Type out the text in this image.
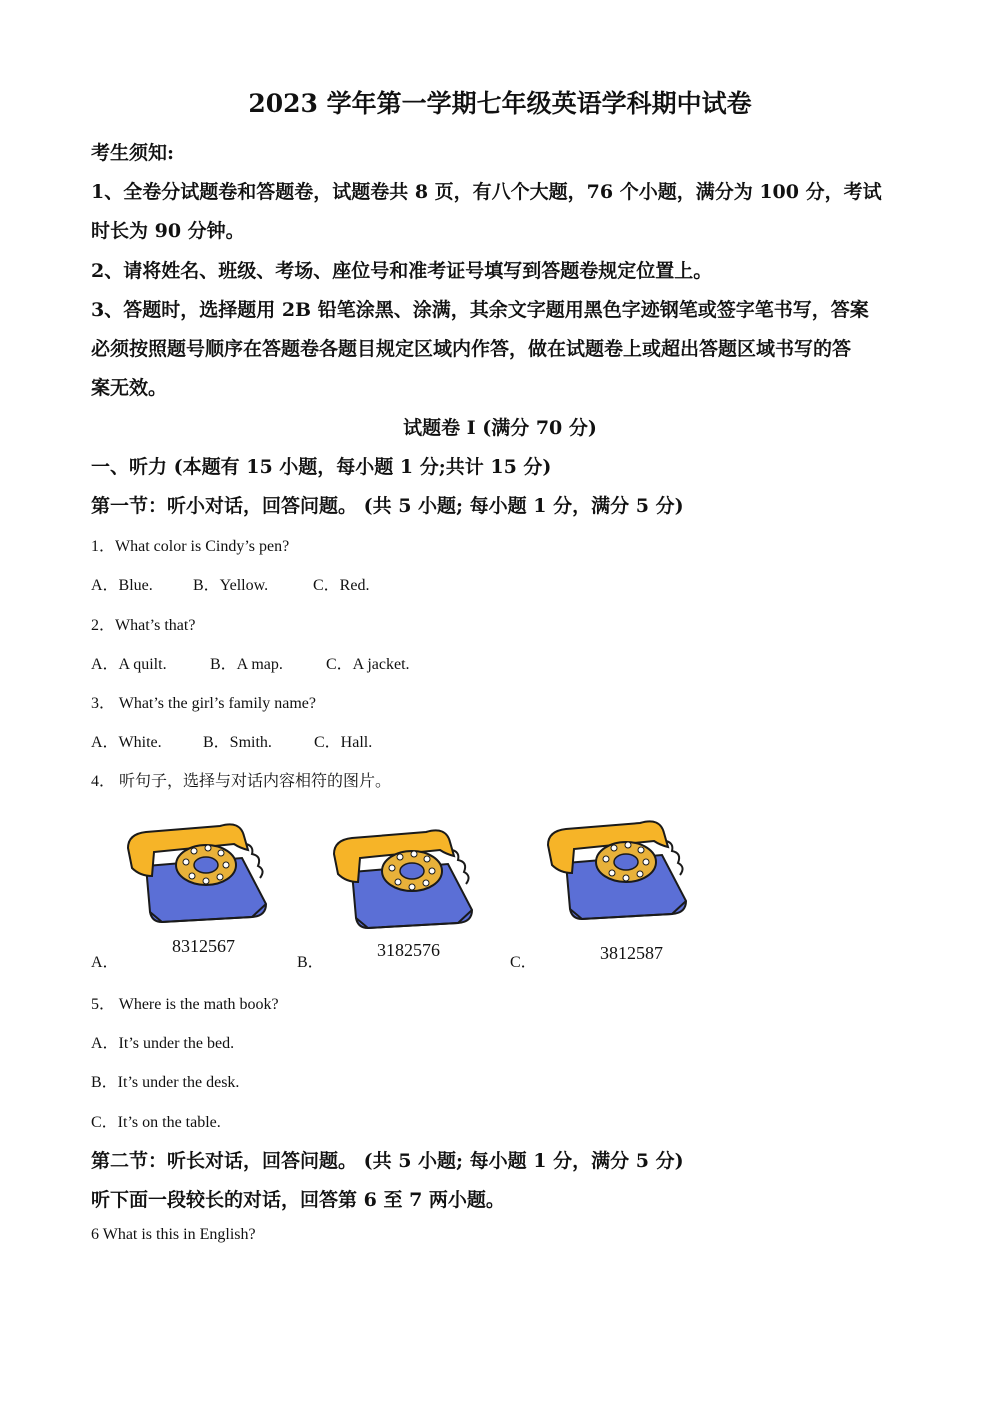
2023 学年第一学期七年级英语学科期中试卷
考生须知:
1、全卷分试题卷和答题卷，试题卷共 8 页，有八个大题，76 个小题，满分为 100 分，考试
时长为 90 分钟。
2、请将姓名、班级、考场、座位号和准考证号填写到答题卷规定位置上。
3、答题时，选择题用 2B 铅笔涂黑、涂满，其余文字题用黑色字迹钢笔或签字笔书写，答案
必须按照题号顺序在答题卷各题目规定区域内作答，做在试题卷上或超出答题区域书写的答
案无效。
试题卷 I (满分 70 分)
一、听力 (本题有 15 小题，每小题 1 分;共计 15 分)
第一节：听小对话，回答问题。 (共 5 小题; 每小题 1 分，满分 5 分)
1．What color is Cindy’s pen?
A．Blue.	B．Yellow.	C．Red.
2．What’s that?
A．A quilt.	B．A map.	C．A jacket.
3． What’s the girl’s family name?
A．White.	B．Smith.	C．Hall.
4． 听句子，选择与对话内容相符的图片。
A．
8312567
B．
3182576
C．	3812587
5． Where is the math book?
A．It’s under the bed.
B．It’s under the desk.
C．It’s on the table.
第二节：听长对话，回答问题。 (共 5 小题; 每小题 1 分，满分 5 分)
听下面一段较长的对话，回答第 6 至 7 两小题。
6 What is this in English?
